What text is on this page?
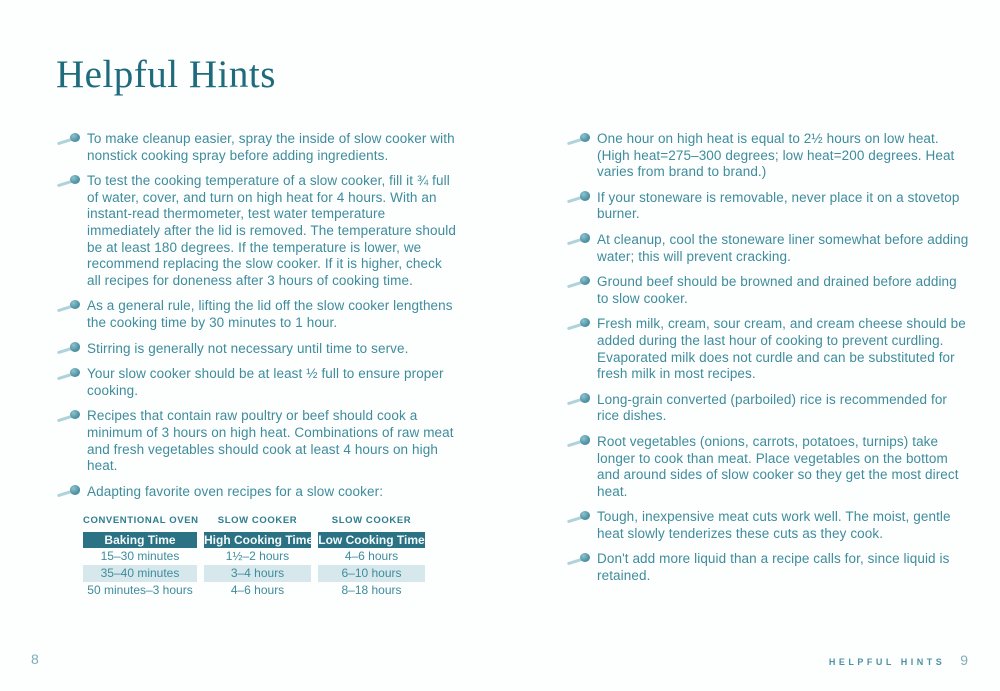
Helpful Hints
To make cleanup easier, spray the inside of slow cooker with nonstick cooking spray before adding ingredients.
To test the cooking temperature of a slow cooker, fill it ¾ full of water, cover, and turn on high heat for 4 hours. With an instant-read thermometer, test water temperature immediately after the lid is removed. The temperature should be at least 180 degrees. If the temperature is lower, we recommend replacing the slow cooker. If it is higher, check all recipes for doneness after 3 hours of cooking time.
As a general rule, lifting the lid off the slow cooker lengthens the cooking time by 30 minutes to 1 hour.
Stirring is generally not necessary until time to serve.
Your slow cooker should be at least ½ full to ensure proper cooking.
Recipes that contain raw poultry or beef should cook a minimum of 3 hours on high heat. Combinations of raw meat and fresh vegetables should cook at least 4 hours on high heat.
Adapting favorite oven recipes for a slow cooker:
CONVENTIONAL OVEN
Baking Time
15–30 minutes
35–40 minutes
50 minutes–3 hours
SLOW COOKER
High Cooking Time
1½–2 hours
3–4 hours
4–6 hours
SLOW COOKER
Low Cooking Time
4–6 hours
6–10 hours
8–18 hours
One hour on high heat is equal to 2½ hours on low heat. (High heat=275–300 degrees; low heat=200 degrees. Heat varies from brand to brand.)
If your stoneware is removable, never place it on a stovetop burner.
At cleanup, cool the stoneware liner somewhat before adding water; this will prevent cracking.
Ground beef should be browned and drained before adding to slow cooker.
Fresh milk, cream, sour cream, and cream cheese should be added during the last hour of cooking to prevent curdling. Evaporated milk does not curdle and can be substituted for fresh milk in most recipes.
Long-grain converted (parboiled) rice is recommended for rice dishes.
Root vegetables (onions, carrots, potatoes, turnips) take longer to cook than meat. Place vegetables on the bottom and around sides of slow cooker so they get the most direct heat.
Tough, inexpensive meat cuts work well. The moist, gentle heat slowly tenderizes these cuts as they cook.
Don't add more liquid than a recipe calls for, since liquid is retained.
8	HELPFUL HINTS 9
